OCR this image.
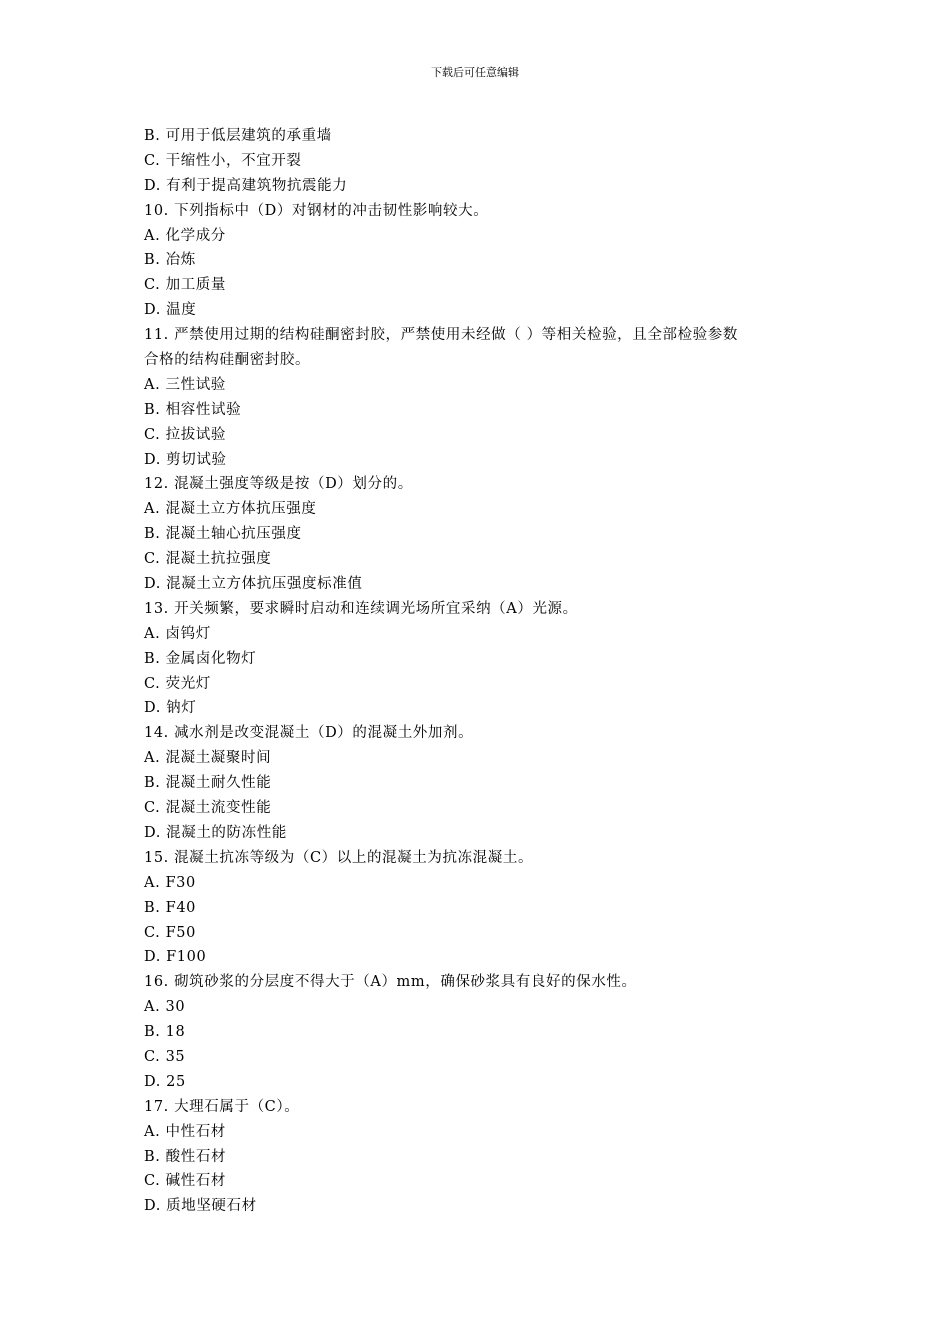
下载后可任意编辑
B. 可用于低层建筑的承重墙
C. 干缩性小，不宜开裂
D. 有利于提高建筑物抗震能力
10. 下列指标中（D）对钢材的冲击韧性影响较大。
A. 化学成分
B. 冶炼
C. 加工质量
D. 温度
11. 严禁使用过期的结构硅酮密封胶，严禁使用未经做（ ）等相关检验，且全部检验参数
合格的结构硅酮密封胶。
A. 三性试验
B. 相容性试验
C. 拉拔试验
D. 剪切试验
12. 混凝土强度等级是按（D）划分的。
A. 混凝土立方体抗压强度
B. 混凝土轴心抗压强度
C. 混凝土抗拉强度
D. 混凝土立方体抗压强度标准值
13. 开关频繁，要求瞬时启动和连续调光场所宜采纳（A）光源。
A. 卤钨灯
B. 金属卤化物灯
C. 荧光灯
D. 钠灯
14. 减水剂是改变混凝土（D）的混凝土外加剂。
A. 混凝土凝聚时间
B. 混凝土耐久性能
C. 混凝土流变性能
D. 混凝土的防冻性能
15. 混凝土抗冻等级为（C）以上的混凝土为抗冻混凝土。
A. F30
B. F40
C. F50
D. F100
16. 砌筑砂浆的分层度不得大于（A）mm，确保砂浆具有良好的保水性。
A. 30
B. 18
C. 35
D. 25
17. 大理石属于（C）。
A. 中性石材
B. 酸性石材
C. 碱性石材
D. 质地坚硬石材
